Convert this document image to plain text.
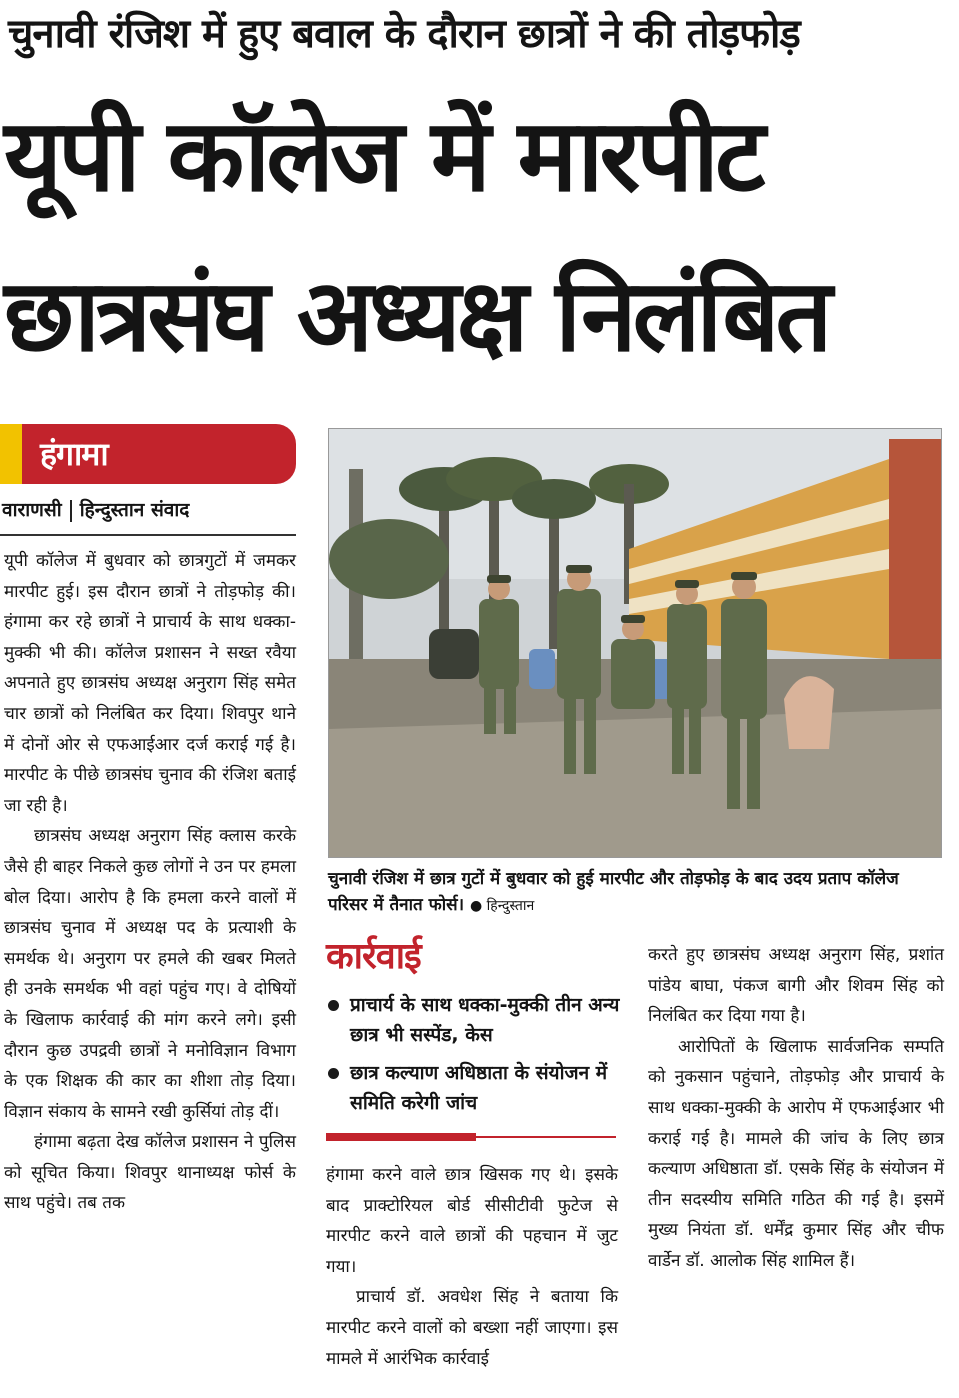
चुनावी रंजिश में हुए बवाल के दौरान छात्रों ने की तोड़फोड़
यूपी कॉलेज में मारपीट
छात्रसंघ अध्यक्ष निलंबित
हंगामा
वाराणसी हिन्दुस्तान संवाद

यूपी कॉलेज में बुधवार को छात्रगुटों में जमकर मारपीट हुई। इस दौरान छात्रों ने तोड़फोड़ की। हंगामा कर रहे छात्रों ने प्राचार्य के साथ धक्का-मुक्की भी की। कॉलेज प्रशासन ने सख्त रवैया अपनाते हुए छात्रसंघ अध्यक्ष अनुराग सिंह समेत चार छात्रों को निलंबित कर दिया। शिवपुर थाने में दोनों ओर से एफआईआर दर्ज कराई गई है। मारपीट के पीछे छात्रसंघ चुनाव की रंजिश बताई जा रही है।

छात्रसंघ अध्यक्ष अनुराग सिंह क्लास करके जैसे ही बाहर निकले कुछ लोगों ने उन पर हमला बोल दिया। आरोप है कि हमला करने वालों में छात्रसंघ चुनाव में अध्यक्ष पद के प्रत्याशी के समर्थक थे। अनुराग पर हमले की खबर मिलते ही उनके समर्थक भी वहां पहुंच गए। वे दोषियों के खिलाफ कार्रवाई की मांग करने लगे। इसी दौरान कुछ उपद्रवी छात्रों ने मनोविज्ञान विभाग के एक शिक्षक की कार का शीशा तोड़ दिया। विज्ञान संकाय के सामने रखी कुर्सियां तोड़ दीं।

हंगामा बढ़ता देख कॉलेज प्रशासन ने पुलिस को सूचित किया। शिवपुर थानाध्यक्ष फोर्स के साथ पहुंचे। तब तक

चुनावी रंजिश में छात्र गुटों में बुधवार को हुई मारपीट और तोड़फोड़ के बाद उदय प्रताप कॉलेज परिसर में तैनात फोर्स। ● हिन्दुस्तान
कार्रवाई
प्राचार्य के साथ धक्का-मुक्की तीन अन्य छात्र भी सस्पेंड, केस
छात्र कल्याण अधिष्ठाता के संयोजन में समिति करेगी जांच

हंगामा करने वाले छात्र खिसक गए थे। इसके बाद प्राक्टोरियल बोर्ड सीसीटीवी फुटेज से मारपीट करने वाले छात्रों की पहचान में जुट गया।

प्राचार्य डॉ. अवधेश सिंह ने बताया कि मारपीट करने वालों को बख्शा नहीं जाएगा। इस मामले में आरंभिक कार्रवाई

करते हुए छात्रसंघ अध्यक्ष अनुराग सिंह, प्रशांत पांडेय बाघा, पंकज बागी और शिवम सिंह को निलंबित कर दिया गया है।

आरोपितों के खिलाफ सार्वजनिक सम्पति को नुकसान पहुंचाने, तोड़फोड़ और प्राचार्य के साथ धक्का-मुक्की के आरोप में एफआईआर भी कराई गई है। मामले की जांच के लिए छात्र कल्याण अधिष्ठाता डॉ. एसके सिंह के संयोजन में तीन सदस्यीय समिति गठित की गई है। इसमें मुख्य नियंता डॉ. धर्मेंद्र कुमार सिंह और चीफ वार्डेन डॉ. आलोक सिंह शामिल हैं।
